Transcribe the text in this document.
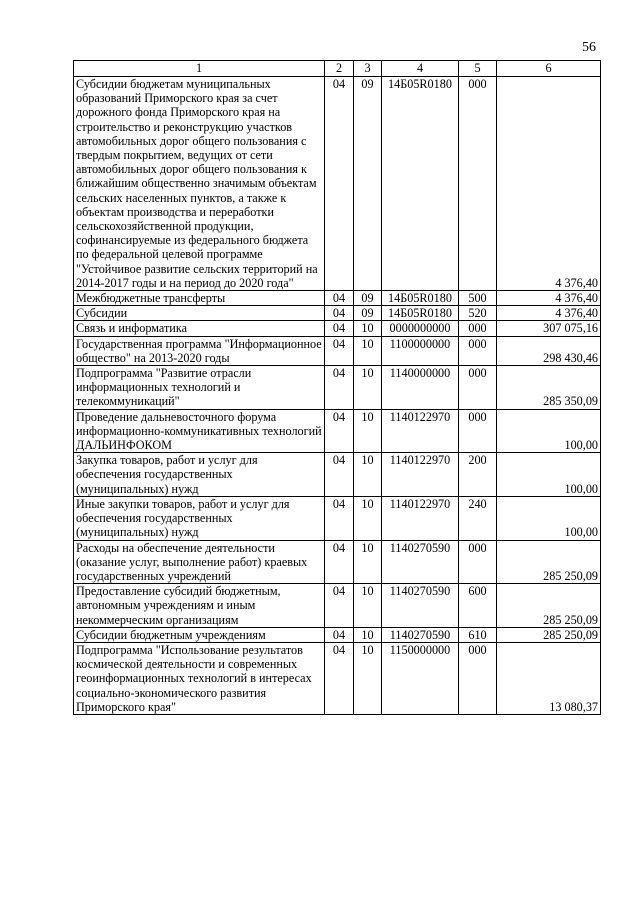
56
1	2	3	4	5	6
Субсидии бюджетам муниципальных образований Приморского края за счет дорожного фонда Приморского края на строительство и реконструкцию участков автомобильных дорог общего пользования с твердым покрытием, ведущих от сети автомобильных дорог общего пользования к ближайшим общественно значимым объектам сельских населенных пунктов, а также к объектам производства и переработки сельскохозяйственной продукции, софинансируемые из федерального бюджета по федеральной целевой программе "Устойчивое развитие сельских территорий на 2014-2017 годы и на период до 2020 года"	04	09	14Б05R0180	000	4 376,40
Межбюджетные трансферты	04	09	14Б05R0180	500	4 376,40
Субсидии	04	09	14Б05R0180	520	4 376,40
Связь и информатика	04	10	0000000000	000	307 075,16
Государственная программа "Информационное общество" на 2013-2020 годы	04	10	1100000000	000	298 430,46
Подпрограмма "Развитие отрасли информационных технологий и телекоммуникаций"	04	10	1140000000	000	285 350,09
Проведение дальневосточного форума информационно-коммуникативных технологий ДАЛЬИНФОКОМ	04	10	1140122970	000	100,00
Закупка товаров, работ и услуг для обеспечения государственных (муниципальных) нужд	04	10	1140122970	200	100,00
Иные закупки товаров, работ и услуг для обеспечения государственных (муниципальных) нужд	04	10	1140122970	240	100,00
Расходы на обеспечение деятельности (оказание услуг, выполнение работ) краевых государственных учреждений	04	10	1140270590	000	285 250,09
Предоставление субсидий бюджетным, автономным учреждениям и иным некоммерческим организациям	04	10	1140270590	600	285 250,09
Субсидии бюджетным учреждениям	04	10	1140270590	610	285 250,09
Подпрограмма "Использование результатов космической деятельности и современных геоинформационных технологий в интересах социально-экономического развития Приморского края"	04	10	1150000000	000	13 080,37
